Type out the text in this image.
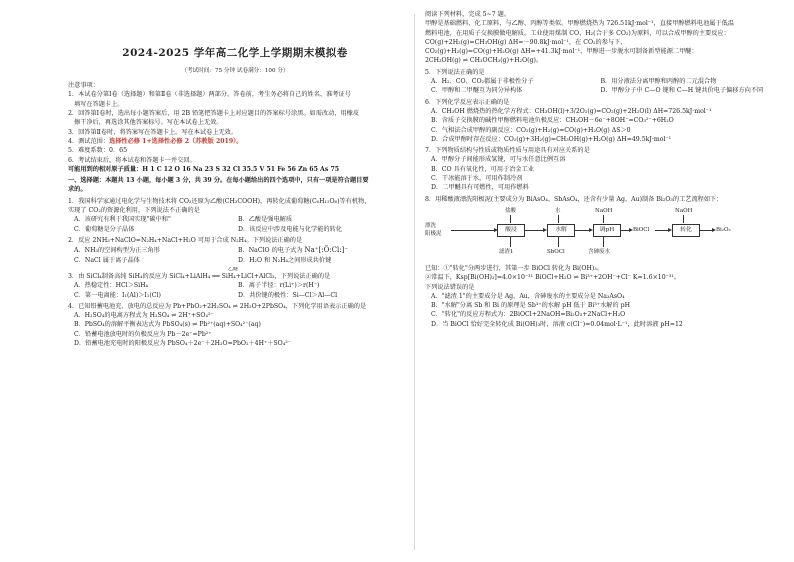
2024-2025 学年高二化学上学期期末模拟卷
（考试时间：75 分钟 试卷满分：100 分）
注意事项：
1．本试卷分第Ⅰ卷（选择题）和第Ⅱ卷（非选择题）两部分。答卷前，考生务必将自己的姓名、准考证号
填写在答题卡上。
2．回答第Ⅰ卷时，选出每小题答案后，用 2B 铅笔把答题卡上对应题目的答案标号涂黑。如需改动，用橡皮
擦干净后，再选涂其他答案标号。写在本试卷上无效。
3．回答第Ⅱ卷时，将答案写在答题卡上。写在本试卷上无效。
4．测试范围：选择性必修 1+选择性必修 2（苏教版 2019）。
5．难度系数：0．65
6．考试结束后，将本试卷和答题卡一并交回。
可能用到的相对原子质量：H 1 C 12 O 16 Na 23 S 32 Cl 35.5 V 51 Fe 56 Zn 65 As 75
一、选择题：本题共 13 小题，每小题 3 分，共 39 分。在每小题给出的四个选项中，只有一项是符合题目要
求的。
1．我国科学家通过电化学与生物技术将 CO₂还原为乙酸(CH₃COOH)，再转化成葡萄糖(C₆H₁₂O₆)等有机物，
实现了 CO₂的资源化利用，下列说法不正确的是
A．该研究有利于我国实现"碳中和"	B．乙酸是强电解质
C．葡萄糖是分子晶体	D．该反应中涉及电能与化学能的转化
2．反应 2NH₃+NaClO=N₂H₄+NaCl+H₂O 可用于合成 N₂H₄。下列说法正确的是
A．NH₃的空间构型为正三角形	B．NaClO 的电子式为 Na⁺[:Ö:Cl:]⁻
C．NaCl 属于离子晶体	D．H₂O 和 N₂H₄之间形成共价键
乙醚
3．由 SiCl₄制备高纯 SiH₄的反应为 SiCl₄+LiAlH₄ ══ SiH₄+LiCl+AlCl₃，下列说法正确的是
A．热稳定性：HCl＞SiH₄	B．离子半径：r(Li⁺)＞r(H⁻)
C．第一电离能：I₁(Al)＞I₁(Cl)	D．共价键的极性：Si—Cl＞Al—Cl
4．已知铅蓄电池充、放电的总反应为 Pb+PbO₂+2H₂SO₄ ⇌ 2H₂O+2PbSO₄，下列化学用语表示正确的是
A．H₂SO₄的电离方程式为 H₂SO₄ ⇌ 2H⁺+SO₄²⁻
B．PbSO₄的溶解平衡表达式为 PbSO₄(s) ⇌ Pb²⁺(aq)+SO₄²⁻(aq)
C．铅蓄电池放电时的负极反应为 Pb－2e⁻=Pb²⁺
D．铅蓄电池充电时的阳极反应为 PbSO₄＋2e⁻＋2H₂O=PbO₂＋4H⁺＋SO₄²⁻
阅读下列材料，完成 5~7 题。
甲醇是基础燃料、化工原料，与乙醇、丙醇等类似。甲醇燃烧热为 726.51kJ·mol⁻¹，直接甲醇燃料电池属于低温
燃料电池，在用质子交换膜做电解质。工业使用煤制 CO、H₂(合于多 CO₂)为原料，可以合成甲醇的主要反应：
CO(g)+2H₂(g)=CH₃OH(g) ΔH=－90.8kJ·mol⁻¹，在 CO₂的参与下，
CO₂(g)+H₂(g)=CO(g)+H₂O(g) ΔH=+41.3kJ·mol⁻¹，甲醇进一步脱水可制备新型能源二甲醚：
2CH₃OH(g) ⇌ CH₃OCH₃(g)+H₂O(g)。
5．下列说法正确的是
A．H₂、CO、CO₂都属于非极性分子	B．用分液法分离甲醇和丙醇的二元混合物
C．甲醇和二甲醚互为同分异构体	D．甲醇分子中 C—O 键和 C—H 键共价电子偏移方向不同
6．下列化学反应表示正确的是
A．CH₃OH 燃烧热的热化学方程式：CH₃OH(l)+3/2O₂(g)=CO₂(g)+2H₂O(l) ΔH=726.5kJ·mol⁻¹
B．含质子交换膜的碱性甲醇燃料电池负极反应：CH₃OH－6e⁻+8OH⁻=CO₃²⁻+6H₂O
C．气相法合成甲醇的副反应：CO₂(g)+H₂(g)=CO(g)+H₂O(g) ΔS＞0
D．合成甲醇时存在反应：CO₂(g)+3H₂(g)=CH₃OH(g)+H₂O(g) ΔH=49.5kJ·mol⁻¹
7．下列物质结构与性质或物质性质与用途具有对应关系的是
A．甲醇分子间能形成氢键，可与水任意比例互溶
B．CO 具有氧化性，可用于冶金工业
C．干冰能溶于水，可用作制冷剂
D．二甲醚具有可燃性，可用作燃料
8．用稀酸液漂洗阳极泥(主要成分为 BiAsO₄、SbAsO₄，还含有少量 Ag、Au)制备 Bi₂O₃的工艺流程如下：
盐酸	水	NaOH	NaOH
漂洗
阳极泥
酸浸	水解	调pH	BiOCl	转化	Bi₂O₃
滤渣1	SbOCl	含砷废水
已知：①"转化"分两步进行，其第一步 BiOCl 转化为 Bi(OH)₃。
②常温下，Ksp[Bi(OH)₃]=4.0×10⁻³¹ BiOCl+H₂O ⇌ Bi³⁺+2OH⁻+Cl⁻ K=1.6×10⁻³¹。
下列说法错误的是
A．"滤渣 1"的主要成分是 Ag、Au，含砷废水的主要成分是 Na₃AsO₄
B．"水解"分离 Sb 和 Bi 的原理是 Sb³⁺的水解 pH 低于 Bi³⁺水解的 pH
C．"转化"的反应方程式为：2BiOCl+2NaOH=Bi₂O₃+2NaCl+H₂O
D．当 BiOCl 恰好完全转化成 Bi(OH)₃时，溶液 c(Cl⁻)=0.04mol·L⁻¹，此时溶液 pH=12
